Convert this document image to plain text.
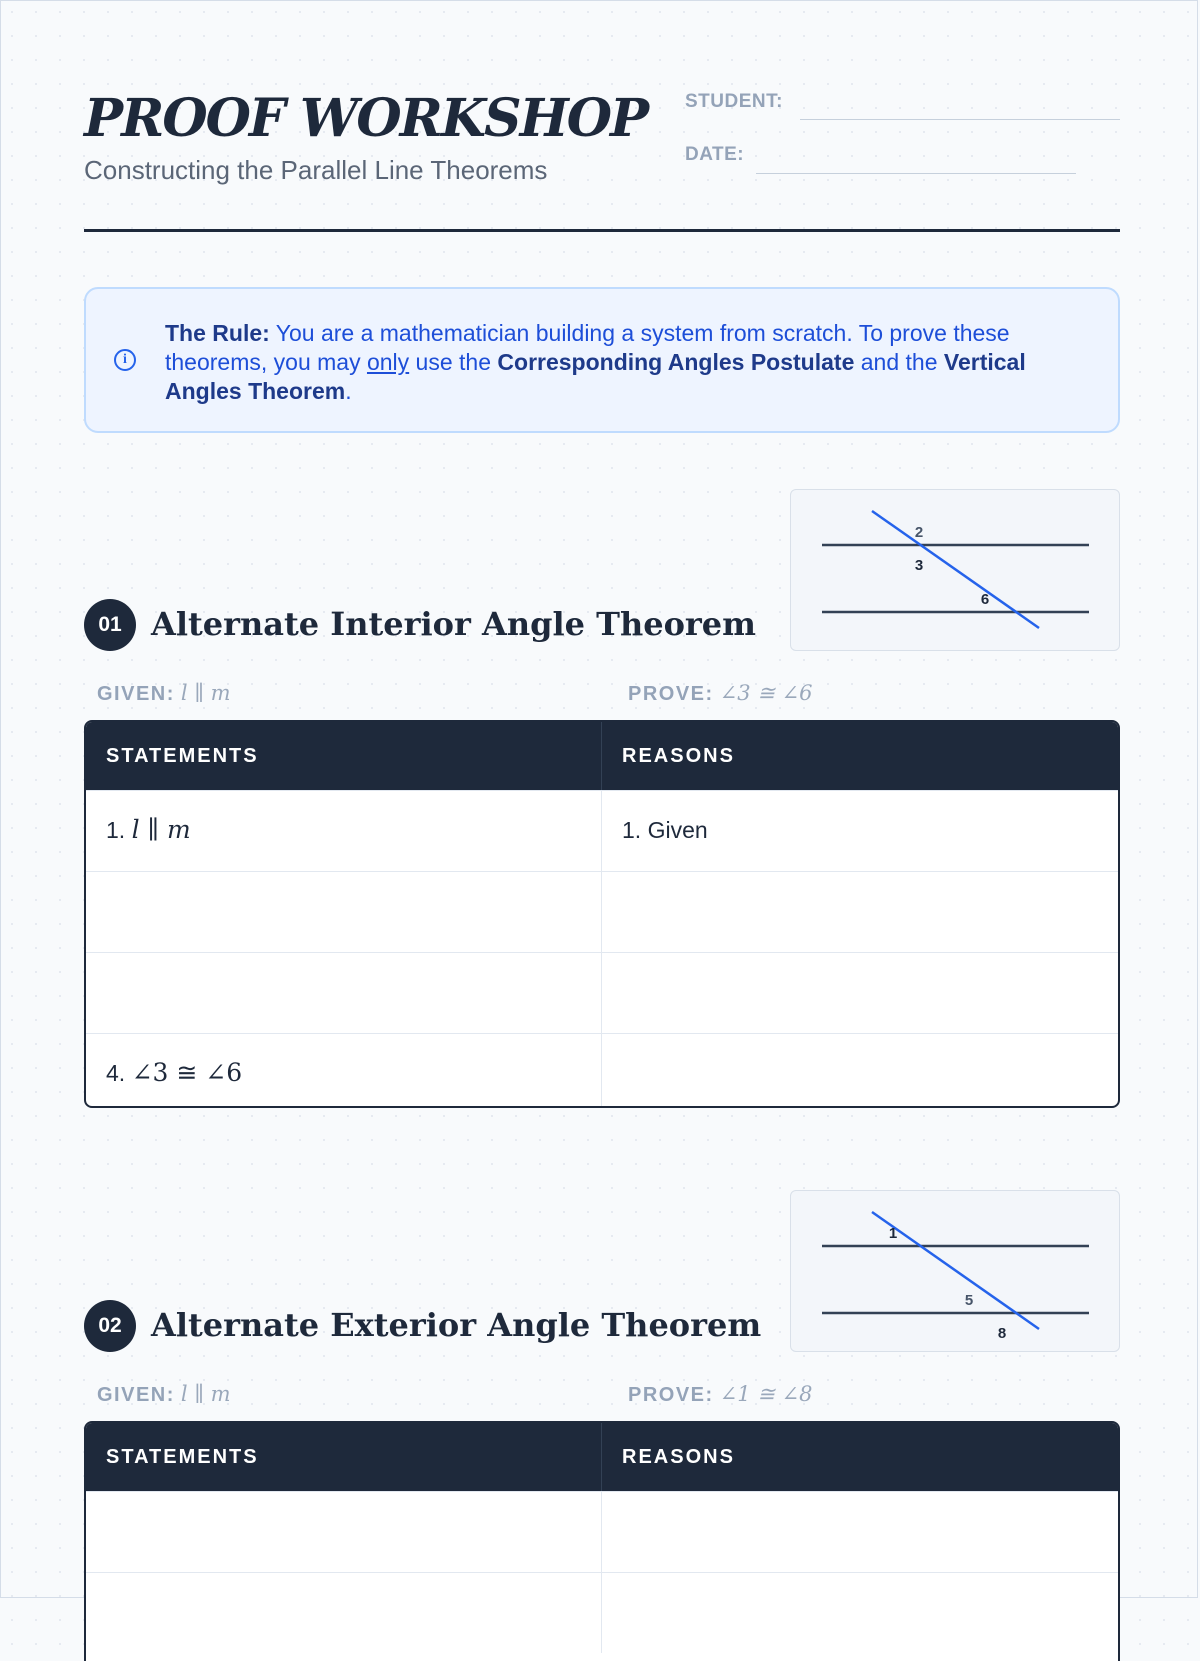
PROOF WORKSHOP
Constructing the Parallel Line Theorems
STUDENT:
DATE:
i
The Rule: You are a mathematician building a system from scratch. To prove these theorems, you may only use the Corresponding Angles Postulate and the Vertical Angles Theorem.
2
3
6
01 Alternate Interior Angle Theorem
GIVEN: l ∥ m	PROVE: ∠3 ≅ ∠6
STATEMENTS	REASONS
1. l ∥ m	1. Given
4. ∠3 ≅ ∠6
1
5
8
02 Alternate Exterior Angle Theorem
GIVEN: l ∥ m	PROVE: ∠1 ≅ ∠8
STATEMENTS	REASONS
